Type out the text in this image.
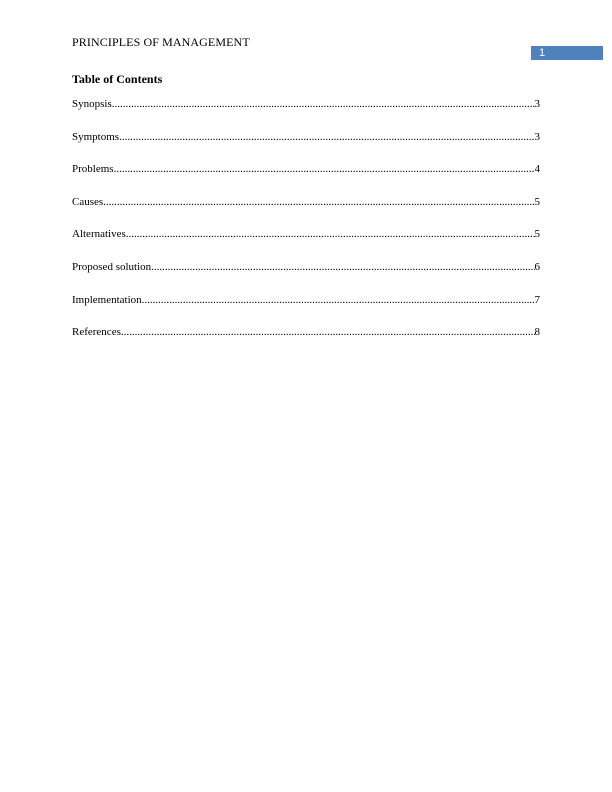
PRINCIPLES OF MANAGEMENT
1
Table of Contents
Synopsis .....	3
Symptoms .....	3
Problems .....	4
Causes .....	5
Alternatives .....	5
Proposed solution .....	6
Implementation .....	7
References .....	8
